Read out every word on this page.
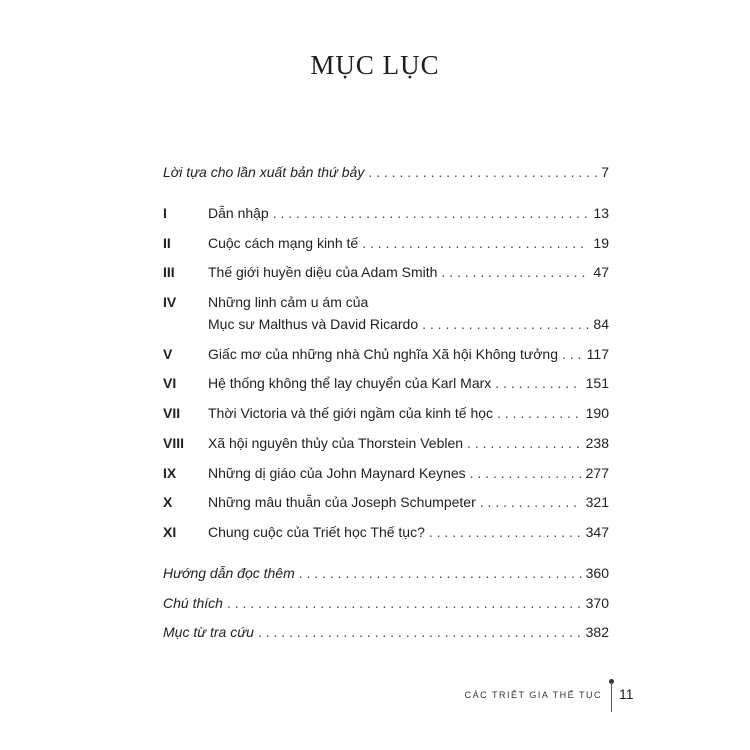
MỤC LỤC
Lời tựa cho lần xuất bản thứ bảy . . .	7
I	Dẫn nhập . . .	13
II	Cuộc cách mạng kinh tế . . .	19
III Thế giới huyền diệu của Adam Smith . . .	47
IV Những linh cảm u ám của
Mục sư Malthus và David Ricardo . . .	84
V	Giấc mơ của những nhà Chủ nghĩa Xã hội Không tưởng . . . 117
VI Hệ thống không thể lay chuyển của Karl Marx . . .	151
VII Thời Victoria và thế giới ngầm của kinh tế học . . .	190
VIII Xã hội nguyên thủy của Thorstein Veblen . . .	238
IX Những dị giáo của John Maynard Keynes . . .	277
X	Những mâu thuẫn của Joseph Schumpeter . . .	321
XI Chung cuộc của Triết học Thế tục? . . .	347
Hướng dẫn đọc thêm . . .	360
Chú thích . . .	370
Mục từ tra cứu . . .	382
CÁC TRIẾT GIA THẾ TỤC 11
